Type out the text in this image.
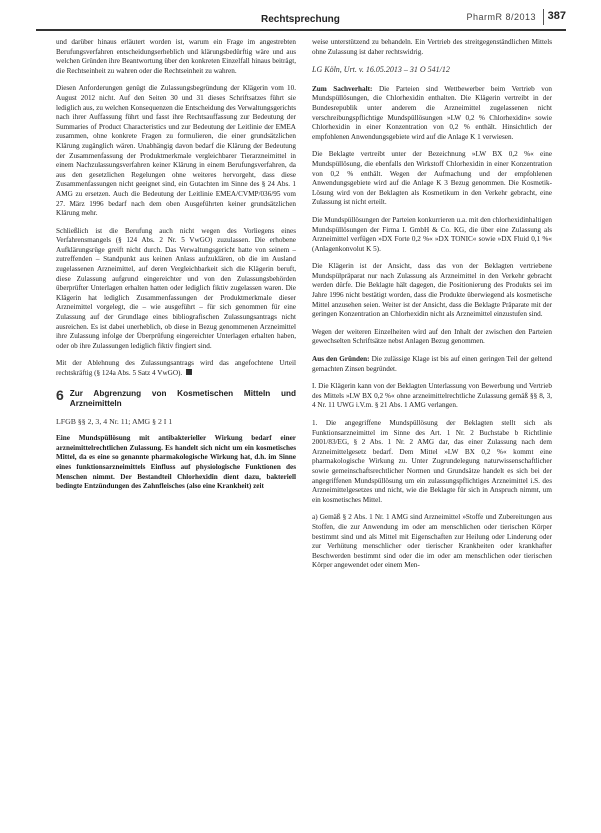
Rechtsprechung	PharmR 8/2013 387

und darüber hinaus erläutert worden ist, warum ein Frage im angestrebten Berufungsverfahren entscheidungserheblich und klärungsbedürftig wäre und aus welchen Gründen ihre Beantwortung über den konkreten Einzelfall hinaus beiträgt, die Rechtseinheit zu wahren oder die Rechtseinheit zu wahren.

Diesen Anforderungen genügt die Zulassungsbegründung der Klägerin vom 10. August 2012 nicht. Auf den Seiten 30 und 31 dieses Schriftsatzes führt sie lediglich aus, zu welchen Konsequenzen die Entscheidung des Verwaltungsgerichts nach ihrer Auffassung führt und fasst ihre Rechtsauffassung zur Bedeutung der Summaries of Product Characteristics und zur Bedeutung der Leitlinie der EMEA zusammen, ohne konkrete Fragen zu formulieren, die einer grundsätzlichen Klärung zugänglich wären. Unabhängig davon bedarf die Klärung der Bedeutung der Zusammenfassung der Produktmerkmale vergleichbarer Tierarzneimittel in einem Nachzulassungsverfahren keiner Klärung in einem Berufungsverfahren, da aus den gesetzlichen Regelungen ohne weiteres hervorgeht, dass diese Zusammenfassungen nicht geeignet sind, ein Gutachten im Sinne des § 24 Abs. 1 AMG zu ersetzen. Auch die Bedeutung der Leitlinie EMEA/CVMP/036/95 vom 27. März 1996 bedarf nach dem oben Ausgeführten keiner grundsätzlichen Klärung mehr.

Schließlich ist die Berufung auch nicht wegen des Vorliegens eines Verfahrensmangels (§ 124 Abs. 2 Nr. 5 VwGO) zuzulassen. Die erhobene Aufklärungsrüge greift nicht durch. Das Verwaltungsgericht hatte von seinem – zutreffenden – Standpunkt aus keinen Anlass aufzuklären, ob die im Ausland zugelassenen Arzneimittel, auf deren Vergleichbarkeit sich die Klägerin beruft, diese Zulassung aufgrund eingereichter und von den Zulassungsbehörden überprüfter Unterlagen erhalten hatten oder lediglich fiktiv zugelassen waren. Die Klägerin hat lediglich Zusammenfassungen der Produktmerkmale dieser Arzneimittel vorgelegt, die – wie ausgeführt – für sich genommen für eine Zulassung auf der Grundlage eines bibliografischen Zulassungsantrags nicht ausreichen. Es ist dabei unerheblich, ob diese in Bezug genommenen Arzneimittel ihre Zulassung infolge der Überprüfung eingereichter Unterlagen erhalten haben, oder ob ihre Zulassungen lediglich fiktiv fingiert sind.

Mit der Ablehnung des Zulassungsantrags wird das angefochtene Urteil rechtskräftig (§ 124a Abs. 5 Satz 4 VwGO).

6 Zur Abgrenzung von Kosmetischen Mitteln und Arzneimitteln
LFGB §§ 2, 3, 4 Nr. 11; AMG § 2 I 1

Eine Mundspüllösung mit antibakterieller Wirkung bedarf einer arzneimittelrechtlichen Zulassung. Es handelt sich nicht um ein kosmetisches Mittel, da es eine so genannte pharmakologische Wirkung hat, d.h. im Sinne eines funktionsarzneimittels Einfluss auf physiologische Funktionen des Menschen nimmt. Der Bestandteil Chlorhexidin dient dazu, bakteriell bedingte Entzündungen des Zahnfleisches (also eine Krankheit) zeit

weise unterstützend zu behandeln. Ein Vertrieb des streitgegenständlichen Mittels ohne Zulassung ist daher rechtswidrig.

LG Köln, Urt. v. 16.05.2013 – 31 O 541/12

Zum Sachverhalt: Die Parteien sind Wettbewerber beim Vertrieb von Mundspüllösungen, die Chlorhexidin enthalten. Die Klägerin vertreibt in der Bundesrepublik unter anderem die Arzneimittel zugelassenen nicht verschreibungspflichtige Mundspüllösungen »LW 0,2 % Chlorhexidin« sowie Chlorhexidin in einer Konzentration von 0,2 % enthält. Hinsichtlich der empfohlenen Anwendungsgebiete wird auf die Anlage K 1 verwiesen.

Die Beklagte vertreibt unter der Bezeichnung »LW BX 0,2 %« eine Mundspüllösung, die ebenfalls den Wirkstoff Chlorhexidin in einer Konzentration von 0,2 % enthält. Wegen der Aufmachung und der empfohlenen Anwendungsgebiete wird auf die Anlage K 3 Bezug genommen. Die Kosmetik-Lösung wird von der Beklagten als Kosmetikum in den Verkehr gebracht, eine Zulassung ist nicht erteilt.

Die Mundspüllösungen der Parteien konkurrieren u.a. mit den chlorhexidinhaltigen Mundspüllösungen der Firma I. GmbH & Co. KG, die über eine Zulassung als Arzneimittel verfügen »DX Forte 0,2 %« »DX TONIC« sowie »DX Fluid 0,1 %« (Anlagenkonvolut K 5).

Die Klägerin ist der Ansicht, dass das von der Beklagten vertriebene Mundspülpräparat nur nach Zulassung als Arzneimittel in den Verkehr gebracht werden dürfe. Die Beklagte hält dagegen, die Positionierung des Produkts sei im Jahre 1996 nicht bestätigt worden, dass die Produkte überwiegend als kosmetische Mittel anzusehen seien. Weiter ist der Ansicht, dass die Beklagte Präparate mit der geringen Konzentration an Chlorhexidin nicht als Arzneimittel einzustufen sind.

Wegen der weiteren Einzelheiten wird auf den Inhalt der zwischen den Parteien gewechselten Schriftsätze nebst Anlagen Bezug genommen.

Aus den Gründen: Die zulässige Klage ist bis auf einen geringen Teil der geltend gemachten Zinsen begründet.

I. Die Klägerin kann von der Beklagten Unterlassung von Bewerbung und Vertrieb des Mittels »LW BX 0,2 %« ohne arzneimittelrechtliche Zulassung gemäß §§ 8, 3, 4 Nr. 11 UWG i.V.m. § 21 Abs. 1 AMG verlangen.

1. Die angegriffene Mundspüllösung der Beklagten stellt sich als Funktionsarzneimittel im Sinne des Art. 1 Nr. 2 Buchstabe b Richtlinie 2001/83/EG, § 2 Abs. 1 Nr. 2 AMG dar, das einer Zulassung nach dem Arzneimittelgesetz bedarf. Dem Mittel »LW BX 0,2 %« kommt eine pharmakologische Wirkung zu. Unter Zugrundelegung naturwissenschaftlicher sowie gemeinschaftsrechtlicher Normen und Grundsätze handelt es sich bei der angegriffenen Mundspüllösung um ein zulassungspflichtiges Arzneimittel i.S. des Arzneimittelgesetzes und nicht, wie die Beklagte für sich in Anspruch nimmt, um ein kosmetisches Mittel.

a) Gemäß § 2 Abs. 1 Nr. 1 AMG sind Arzneimittel »Stoffe und Zubereitungen aus Stoffen, die zur Anwendung im oder am menschlichen oder tierischen Körper bestimmt sind und als Mittel mit Eigenschaften zur Heilung oder Linderung oder zur Verhütung menschlicher oder tierischer Krankheiten oder krankhafter Beschwerden bestimmt sind oder die im oder am menschlichen oder tierischen Körper angewendet oder einem Men-
